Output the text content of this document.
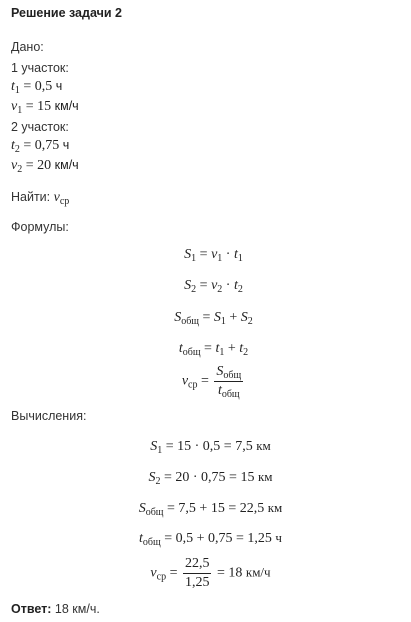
Решение задачи 2
Дано:
1 участок:
$t_1 = 0,5$ ч
$v_1 = 15$ км/ч
2 участок:
$t_2 = 0,75$ ч
$v_2 = 20$ км/ч
Найти: $v_{ср}$
Формулы:
$S_1 = v_1 \cdot t_1$
$S_2 = v_2 \cdot t_2$
$S_{общ} = S_1 + S_2$
$t_{общ} = t_1 + t_2$
$v_{ср} = \frac{S_{общ}}{t_{общ}}$
Вычисления:
$S_1 = 15 \cdot 0,5 = 7,5$ км
$S_2 = 20 \cdot 0,75 = 15$ км
$S_{общ} = 7,5 + 15 = 22,5$ км
$t_{общ} = 0,5 + 0,75 = 1,25$ ч
$v_{ср} = \frac{22,5}{1,25} = 18$ км/ч
Ответ: 18 км/ч.
